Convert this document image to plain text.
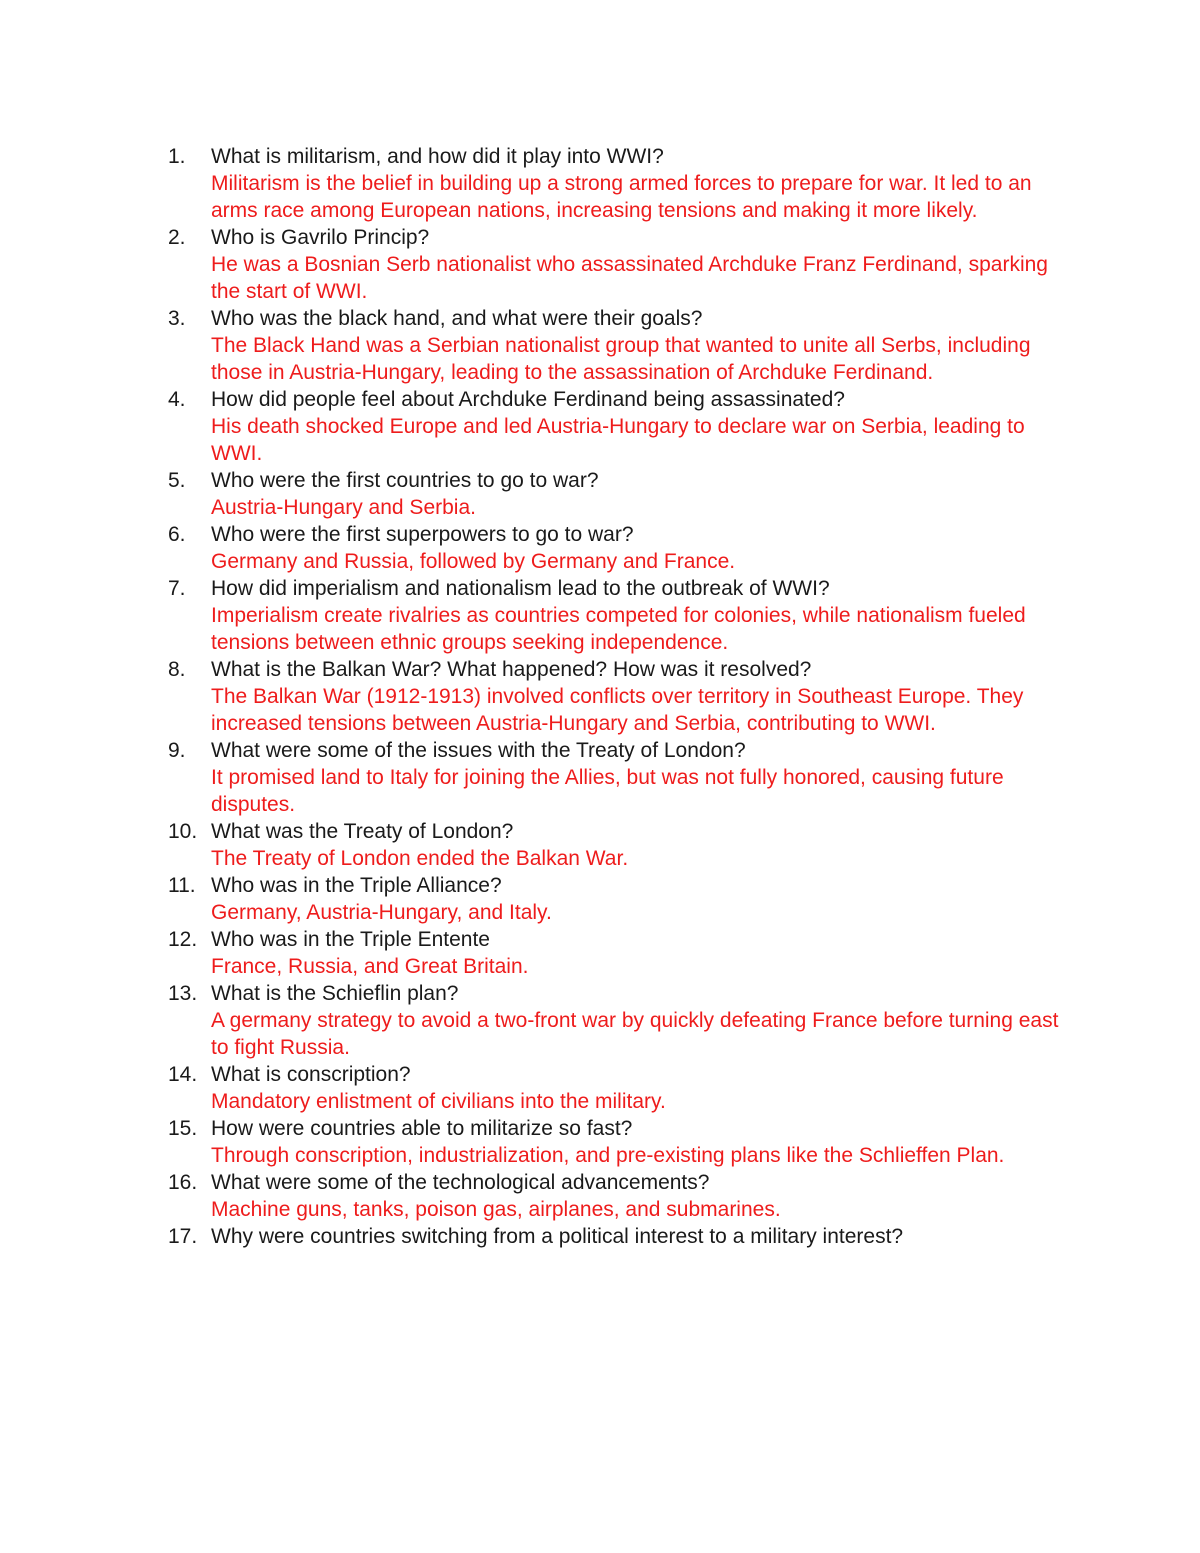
1.	What is militarism, and how did it play into WWI?
Militarism is the belief in building up a strong armed forces to prepare for war. It led to an arms race among European nations, increasing tensions and making it more likely.
2.	Who is Gavrilo Princip?
He was a Bosnian Serb nationalist who assassinated Archduke Franz Ferdinand, sparking the start of WWI.
3.	Who was the black hand, and what were their goals?
The Black Hand was a Serbian nationalist group that wanted to unite all Serbs, including those in Austria-Hungary, leading to the assassination of Archduke Ferdinand.
4.	How did people feel about Archduke Ferdinand being assassinated?
His death shocked Europe and led Austria-Hungary to declare war on Serbia, leading to WWI.
5.	Who were the first countries to go to war?
Austria-Hungary and Serbia.
6.	Who were the first superpowers to go to war?
Germany and Russia, followed by Germany and France.
7.	How did imperialism and nationalism lead to the outbreak of WWI?
Imperialism create rivalries as countries competed for colonies, while nationalism fueled tensions between ethnic groups seeking independence.
8.	What is the Balkan War? What happened? How was it resolved?
The Balkan War (1912-1913) involved conflicts over territory in Southeast Europe. They increased tensions between Austria-Hungary and Serbia, contributing to WWI.
9.	What were some of the issues with the Treaty of London?
It promised land to Italy for joining the Allies, but was not fully honored, causing future disputes.
10. What was the Treaty of London?
The Treaty of London ended the Balkan War.
11. Who was in the Triple Alliance?
Germany, Austria-Hungary, and Italy.
12. Who was in the Triple Entente
France, Russia, and Great Britain.
13. What is the Schieflin plan?
A germany strategy to avoid a two-front war by quickly defeating France before turning east to fight Russia.
14. What is conscription?
Mandatory enlistment of civilians into the military.
15. How were countries able to militarize so fast?
Through conscription, industrialization, and pre-existing plans like the Schlieffen Plan.
16. What were some of the technological advancements?
Machine guns, tanks, poison gas, airplanes, and submarines.
17. Why were countries switching from a political interest to a military interest?
